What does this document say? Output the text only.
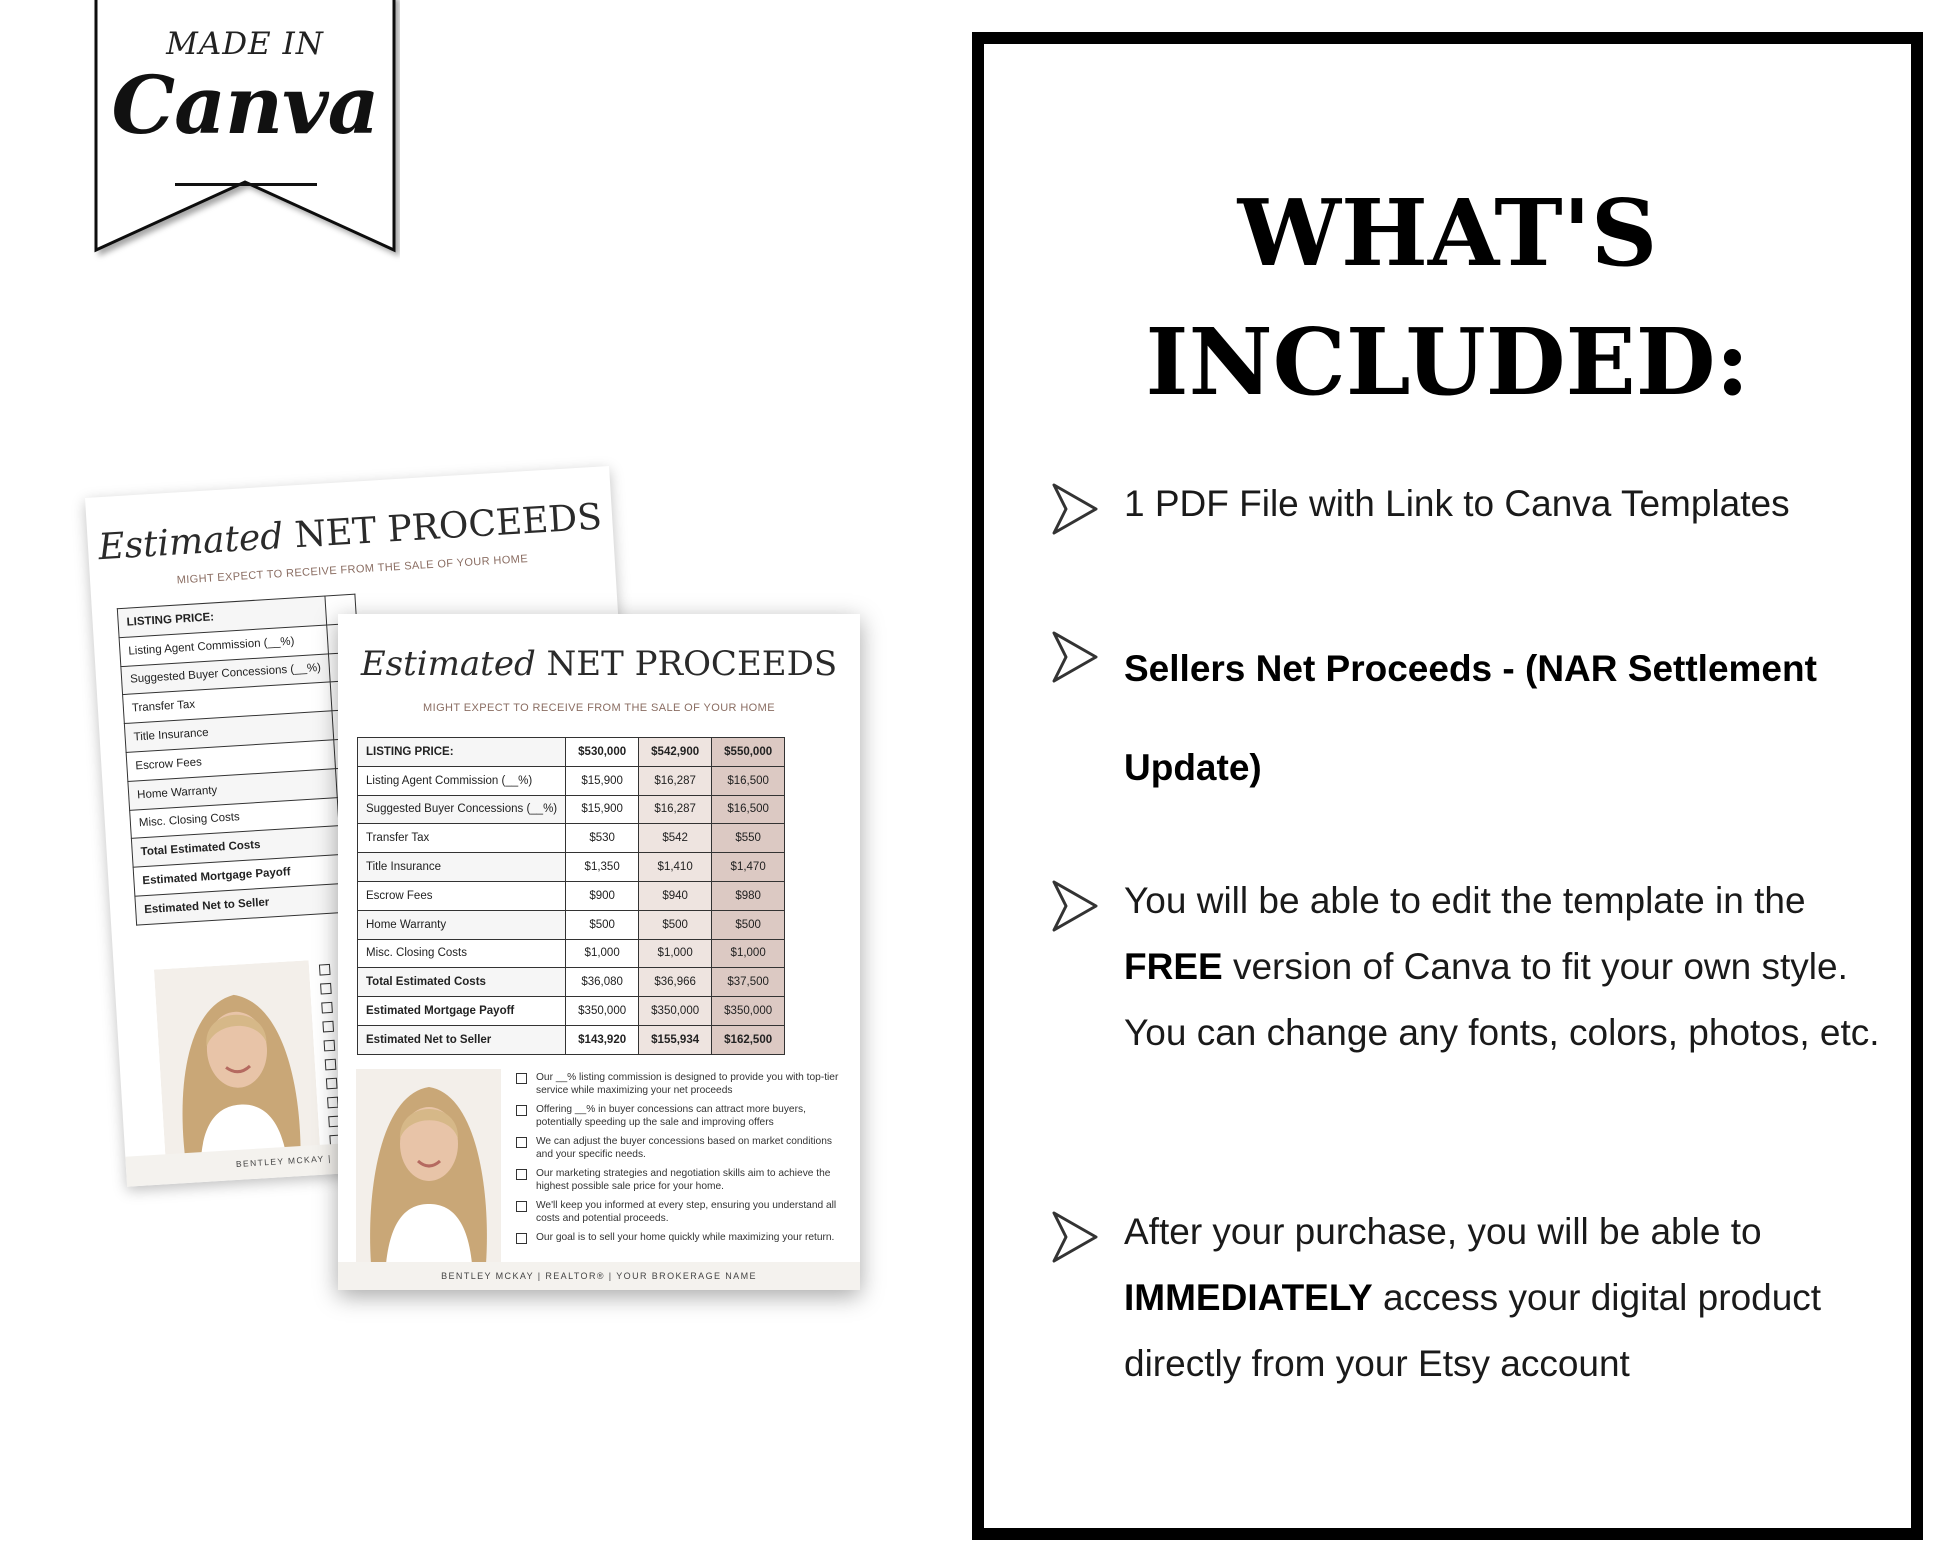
MADE IN
Canva
Estimated NET PROCEEDS
MIGHT EXPECT TO RECEIVE FROM THE SALE OF YOUR HOME
LISTING PRICE:	
Listing Agent Commission (__%)	
Suggested Buyer Concessions (__%)	
Transfer Tax	
Title Insurance	
Escrow Fees	
Home Warranty	
Misc. Closing Costs	
Total Estimated Costs	
Estimated Mortgage Payoff	
Estimated Net to Seller	
BENTLEY MCKAY |
Estimated NET PROCEEDS
MIGHT EXPECT TO RECEIVE FROM THE SALE OF YOUR HOME
LISTING PRICE:	$530,000	$542,900	$550,000
Listing Agent Commission (__%)	$15,900	$16,287	$16,500
Suggested Buyer Concessions (__%)	$15,900	$16,287	$16,500
Transfer Tax	$530	$542	$550
Title Insurance	$1,350	$1,410	$1,470
Escrow Fees	$900	$940	$980
Home Warranty	$500	$500	$500
Misc. Closing Costs	$1,000	$1,000	$1,000
Total Estimated Costs	$36,080	$36,966	$37,500
Estimated Mortgage Payoff	$350,000	$350,000	$350,000
Estimated Net to Seller	$143,920	$155,934	$162,500
Our __% listing commission is designed to provide you with top-tier service while maximizing your net proceeds
Offering __% in buyer concessions can attract more buyers, potentially speeding up the sale and improving offers
We can adjust the buyer concessions based on market conditions and your specific needs.
Our marketing strategies and negotiation skills aim to achieve the highest possible sale price for your home.
We'll keep you informed at every step, ensuring you understand all costs and potential proceeds.
Our goal is to sell your home quickly while maximizing your return.
BENTLEY MCKAY | REALTOR® | YOUR BROKERAGE NAME
WHAT'S
INCLUDED:
1 PDF File with Link to Canva Templates
Sellers Net Proceeds - (NAR Settlement Update)
You will be able to edit the template in the FREE version of Canva to fit your own style. You can change any fonts, colors, photos, etc.
After your purchase, you will be able to IMMEDIATELY access your digital product directly from your Etsy account
